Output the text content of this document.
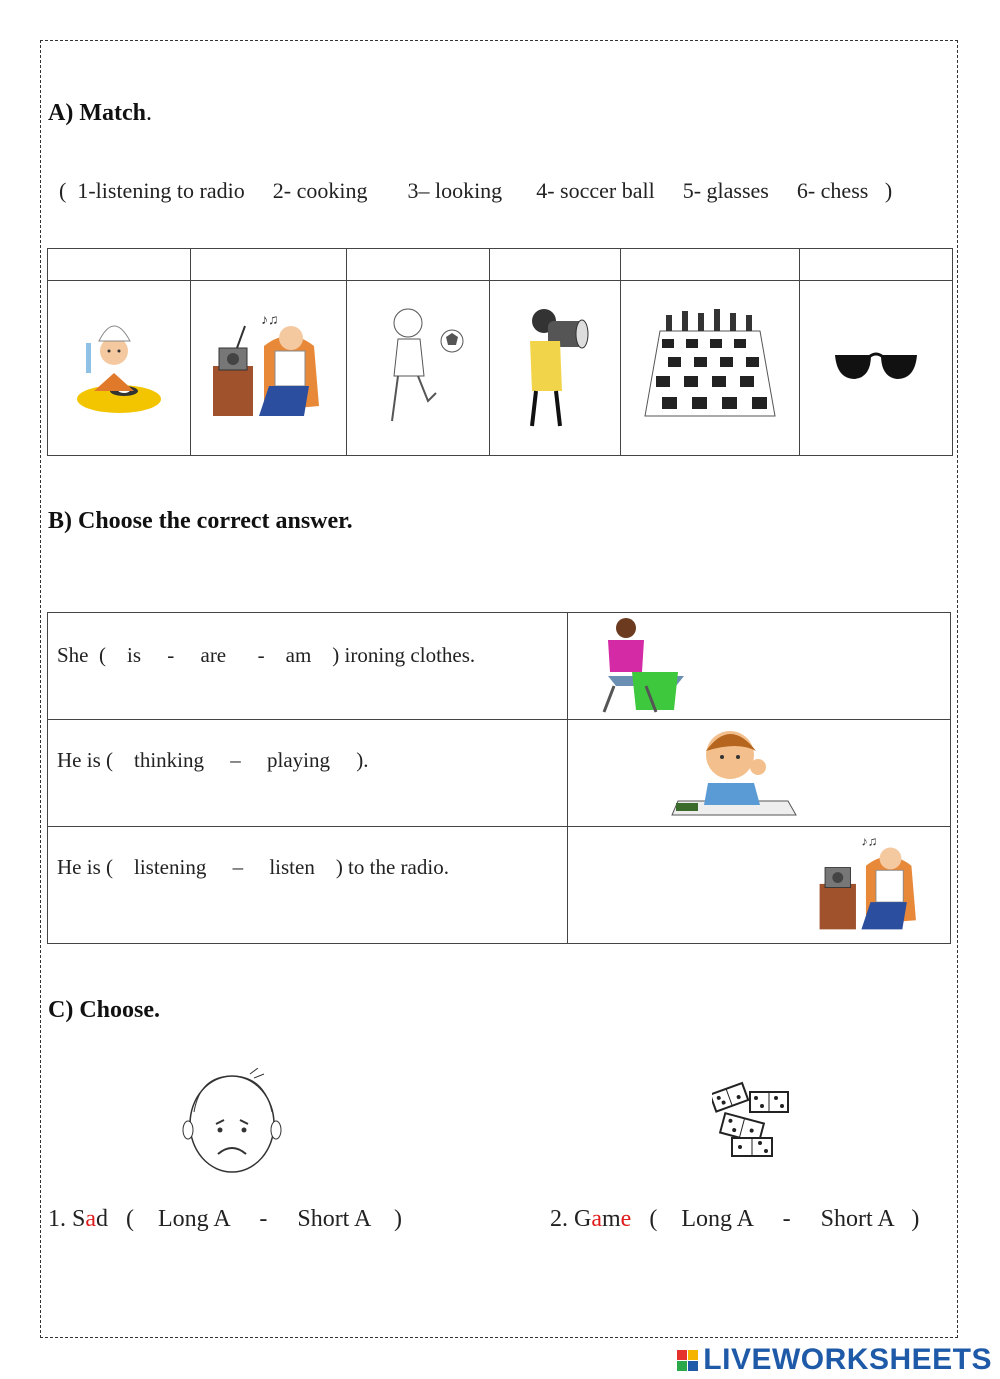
A) Match.

(  1-listening to radio 2- cooking 3– looking 4- soccer ball 5- glasses 6- chess   )

♪♫

B) Choose the correct answer.
She  (    is     -     are      -    am    ) ironing clothes.	
He is (    thinking     –     playing     ).	
He is (    listening     –     listen    ) to the radio.	♪♫
C) Choose.
1. Sad   (    Long A     -     Short A    )	2. Game   (    Long A     -     Short A   )
LIVEWORKSHEETS
